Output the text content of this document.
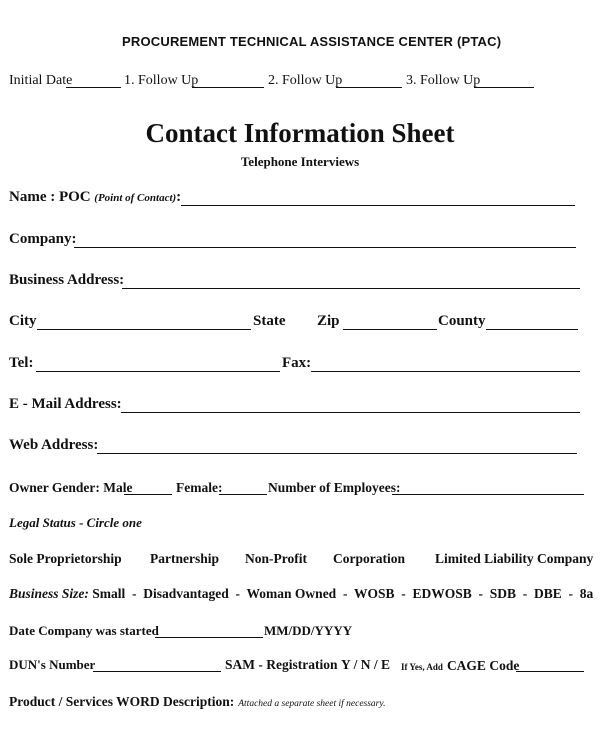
PROCUREMENT TECHNICAL ASSISTANCE CENTER (PTAC)
Initial Date	1. Follow Up	2. Follow Up	3. Follow Up
Contact Information Sheet
Telephone Interviews
Name : POC (Point of Contact):
Company:
Business Address:
City	State Zip	County
Tel:	Fax:
E - Mail Address:
Web Address:
Owner Gender: Male	Female:	Number of Employees:
Legal Status - Circle one
Sole Proprietorship Partnership Non-Profit Corporation Limited Liability Company
Business Size: Small  -  Disadvantaged  -  Woman Owned  -  WOSB  -  EDWOSB  -  SDB  -  DBE  -  8a
Date Company was started	MM/DD/YYYY
DUN's Number	SAM - Registration Y / N / E If Yes, Add CAGE Code
Product / Services WORD Description: Attached a separate sheet if necessary.
